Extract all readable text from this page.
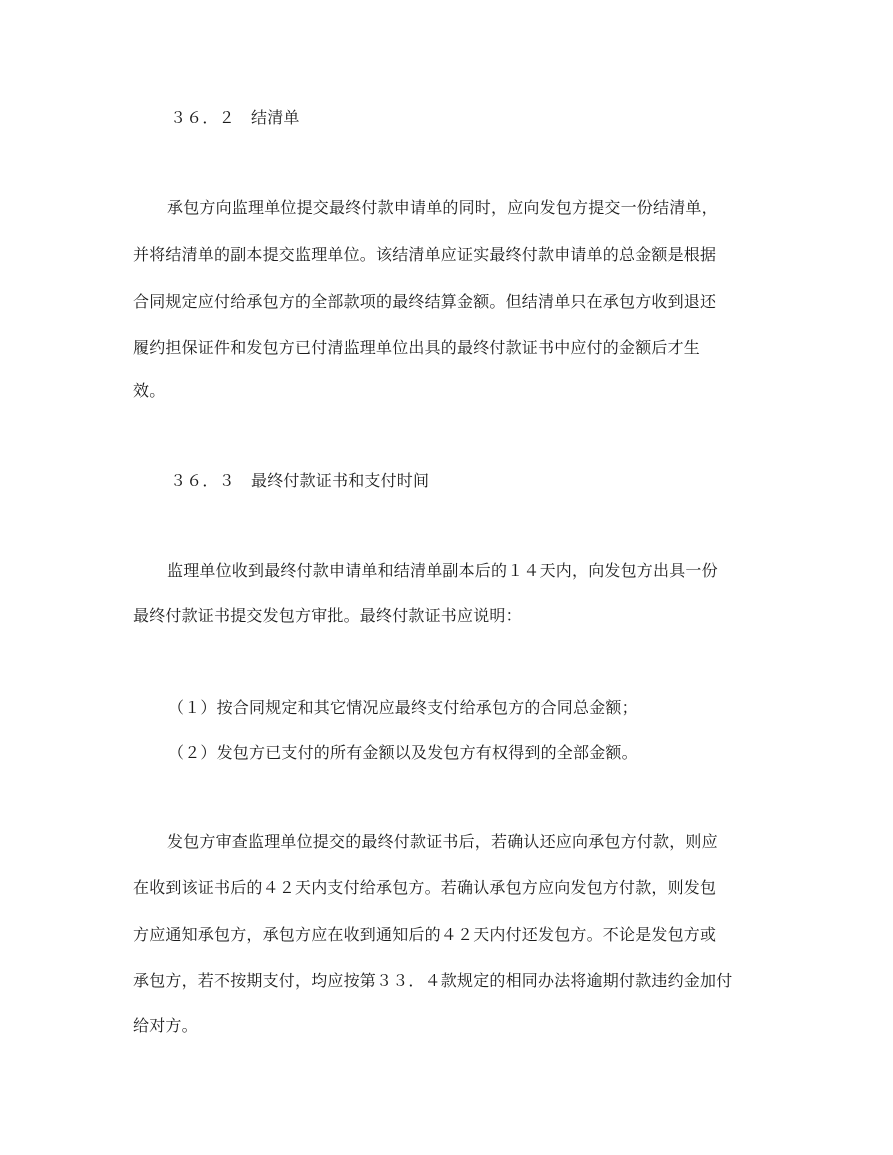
３６．２　结清单
承包方向监理单位提交最终付款申请单的同时，应向发包方提交一份结清单，
并将结清单的副本提交监理单位。该结清单应证实最终付款申请单的总金额是根据
合同规定应付给承包方的全部款项的最终结算金额。但结清单只在承包方收到退还
履约担保证件和发包方已付清监理单位出具的最终付款证书中应付的金额后才生
效。
３６．３　最终付款证书和支付时间
监理单位收到最终付款申请单和结清单副本后的１４天内，向发包方出具一份
最终付款证书提交发包方审批。最终付款证书应说明：
（１）按合同规定和其它情况应最终支付给承包方的合同总金额；
（２）发包方已支付的所有金额以及发包方有权得到的全部金额。
发包方审查监理单位提交的最终付款证书后，若确认还应向承包方付款，则应
在收到该证书后的４２天内支付给承包方。若确认承包方应向发包方付款，则发包
方应通知承包方，承包方应在收到通知后的４２天内付还发包方。不论是发包方或
承包方，若不按期支付，均应按第３３．４款规定的相同办法将逾期付款违约金加付
给对方。
